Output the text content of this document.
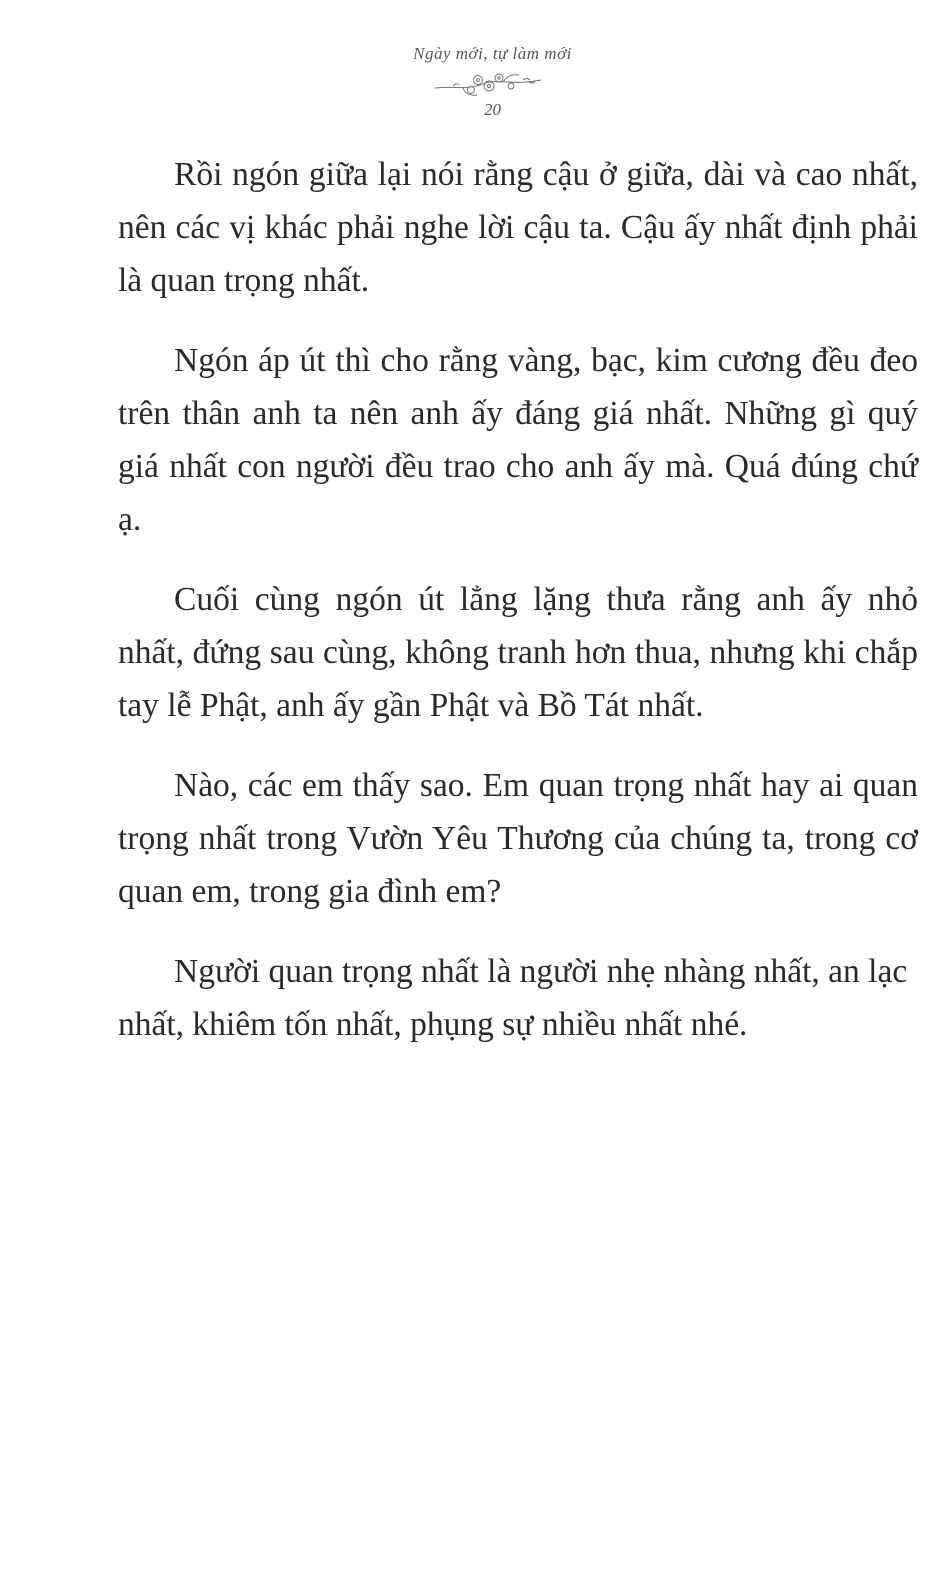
Ngày mới, tự làm mới
20

Rồi ngón giữa lại nói rằng cậu ở giữa, dài và cao nhất, nên các vị khác phải nghe lời cậu ta. Cậu ấy nhất định phải là quan trọng nhất.

Ngón áp út thì cho rằng vàng, bạc, kim cương đều đeo trên thân anh ta nên anh ấy đáng giá nhất. Những gì quý giá nhất con người đều trao cho anh ấy mà. Quá đúng chứ ạ.

Cuối cùng ngón út lẳng lặng thưa rằng anh ấy nhỏ nhất, đứng sau cùng, không tranh hơn thua, nhưng khi chắp tay lễ Phật, anh ấy gần Phật và Bồ Tát nhất.

Nào, các em thấy sao. Em quan trọng nhất hay ai quan trọng nhất trong Vườn Yêu Thương của chúng ta, trong cơ quan em, trong gia đình em?

Người quan trọng nhất là người nhẹ nhàng nhất, an lạc nhất, khiêm tốn nhất, phụng sự nhiều nhất nhé.
